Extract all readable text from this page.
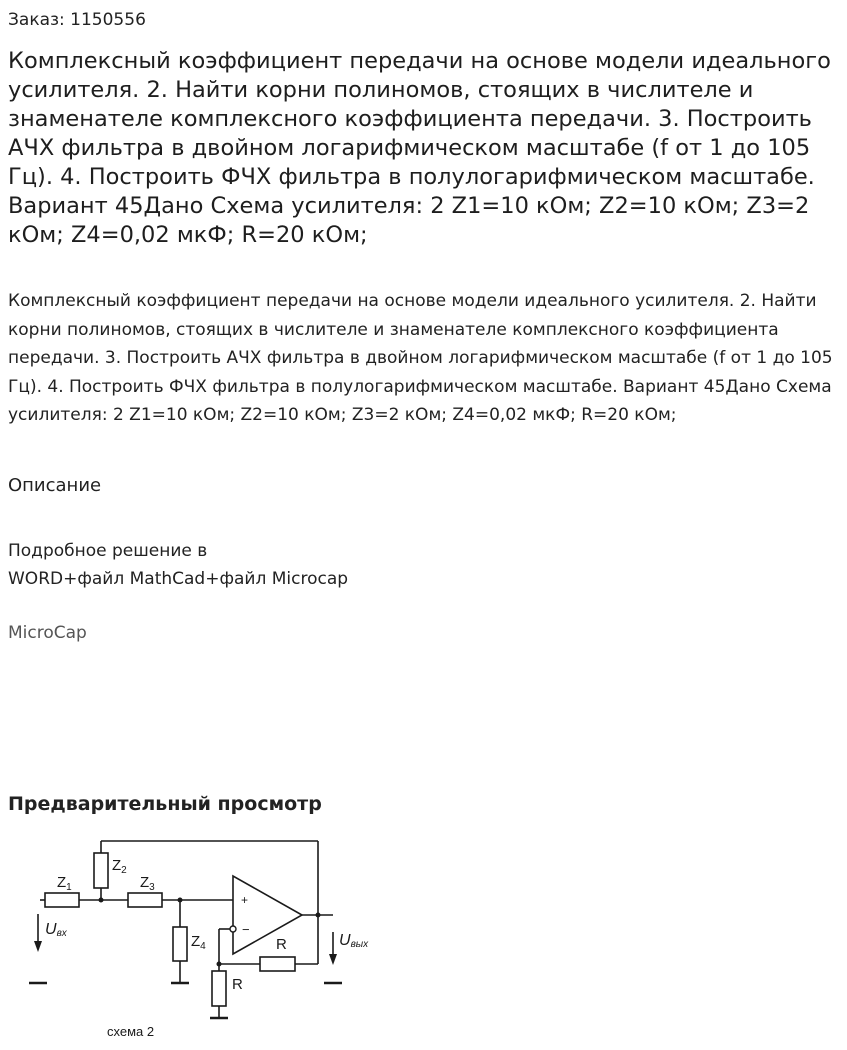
Заказ: 1150556
Комплексный коэффициент передачи на основе модели идеального усилителя. 2. Найти корни полиномов, стоящих в числителе и знаменателе комплексного коэффициента передачи. 3. Построить АЧХ фильтра в двойном логарифмическом масштабе (f от 1 до 105 Гц). 4. Построить ФЧХ фильтра в полулогарифмическом масштабе. Вариант 45Дано Схема усилителя: 2 Z1=10 кОм; Z2=10 кОм; Z3=2 кОм; Z4=0,02 мкФ; R=20 кОм;
Комплексный коэффициент передачи на основе модели идеального усилителя. 2. Найти корни полиномов, стоящих в числителе и знаменателе комплексного коэффициента передачи. 3. Построить АЧХ фильтра в двойном логарифмическом масштабе (f от 1 до 105 Гц). 4. Построить ФЧХ фильтра в полулогарифмическом масштабе. Вариант 45Дано Схема усилителя: 2 Z1=10 кОм; Z2=10 кОм; Z3=2 кОм; Z4=0,02 мкФ; R=20 кОм;
Описание
Подробное решение в
WORD+файл MathCad+файл Microcap
MicroCap
Предварительный просмотр
$Z_1$
$Z_2$
$Z_3$
$Z_4$	R
R
+
−
Uвх	Uвых
схема 2
